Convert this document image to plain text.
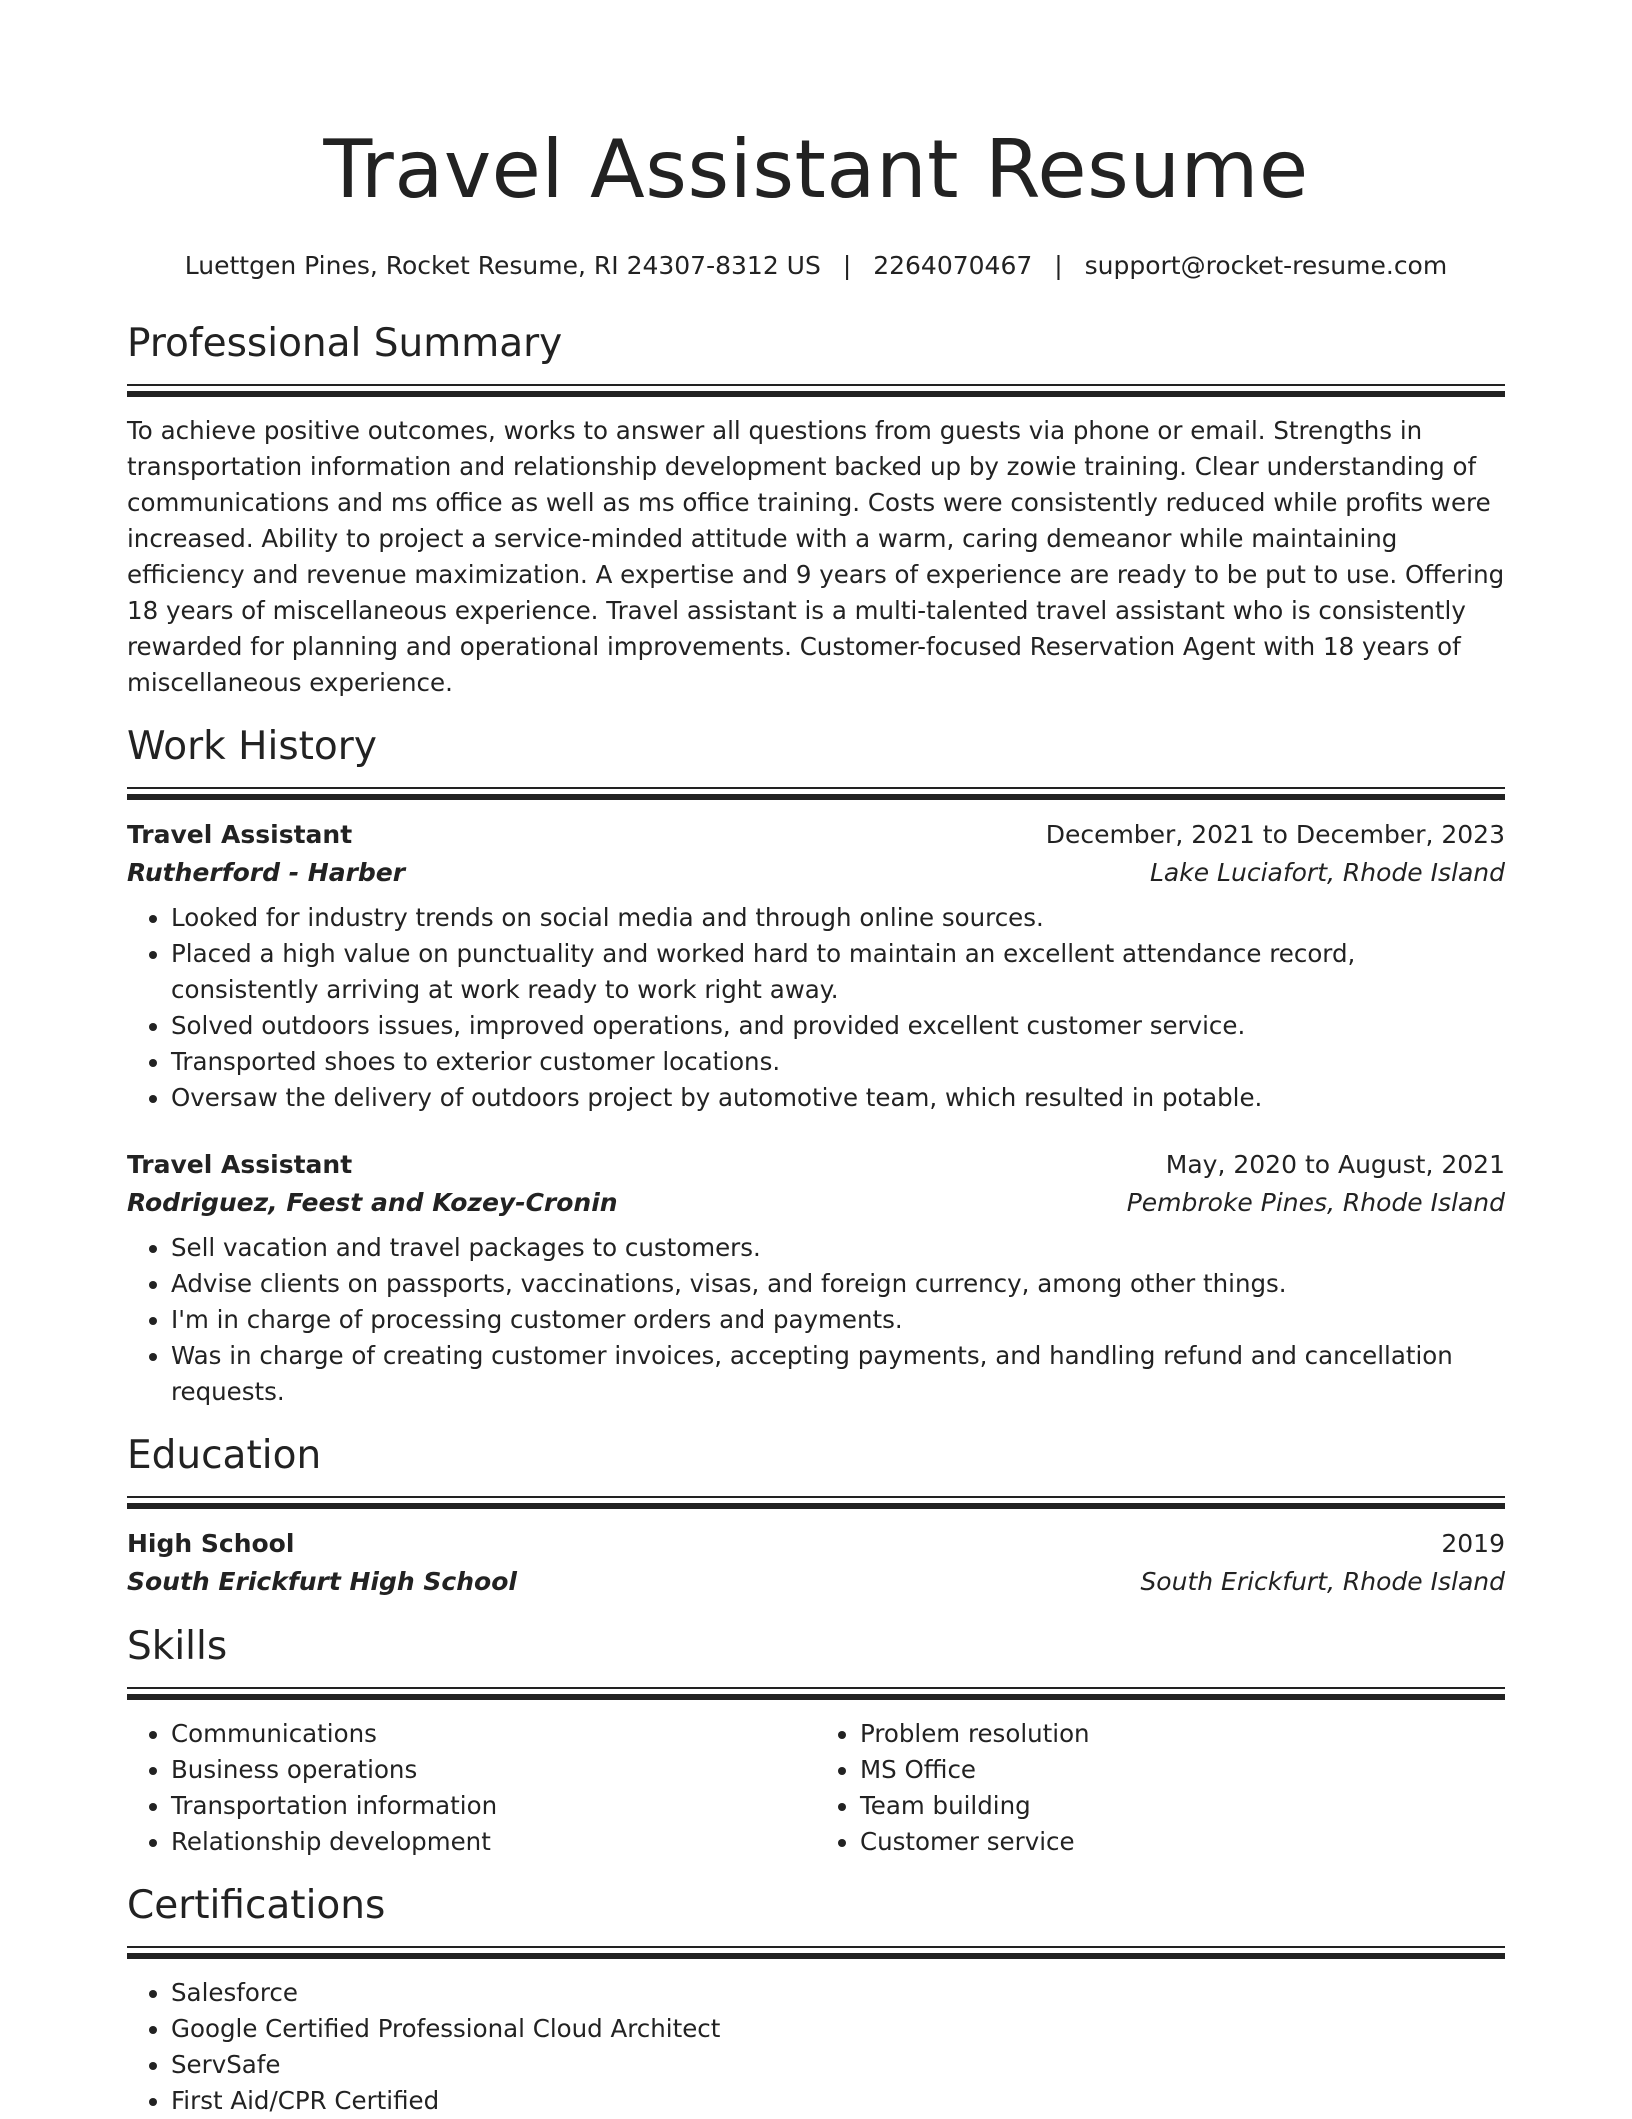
Travel Assistant Resume
Luettgen Pines, Rocket Resume, RI 24307-8312 US | 2264070467 | support@rocket-resume.com
Professional Summary

To achieve positive outcomes, works to answer all questions from guests via phone or email. Strengths in transportation information and relationship development backed up by zowie training. Clear understanding of communications and ms office as well as ms office training. Costs were consistently reduced while profits were increased. Ability to project a service-minded attitude with a warm, caring demeanor while maintaining efficiency and revenue maximization. A expertise and 9 years of experience are ready to be put to use. Offering 18 years of miscellaneous experience. Travel assistant is a multi-talented travel assistant who is consistently rewarded for planning and operational improvements. Customer-focused Reservation Agent with 18 years of miscellaneous experience.

Work History
Travel Assistant	December, 2021 to December, 2023
Rutherford - Harber	Lake Luciafort, Rhode Island
• Looked for industry trends on social media and through online sources.
• Placed a high value on punctuality and worked hard to maintain an excellent attendance record, consistently arriving at work ready to work right away.
• Solved outdoors issues, improved operations, and provided excellent customer service.
• Transported shoes to exterior customer locations.
• Oversaw the delivery of outdoors project by automotive team, which resulted in potable.
Travel Assistant	May, 2020 to August, 2021
Rodriguez, Feest and Kozey-Cronin	Pembroke Pines, Rhode Island
• Sell vacation and travel packages to customers.
• Advise clients on passports, vaccinations, visas, and foreign currency, among other things.
• I'm in charge of processing customer orders and payments.
• Was in charge of creating customer invoices, accepting payments, and handling refund and cancellation requests.
Education
High School	2019
South Erickfurt High School	South Erickfurt, Rhode Island
Skills
• Communications
• Business operations
• Transportation information
• Relationship development
• Problem resolution
• MS Office
• Team building
• Customer service
Certifications
• Salesforce
• Google Certified Professional Cloud Architect
• ServSafe
• First Aid/CPR Certified
